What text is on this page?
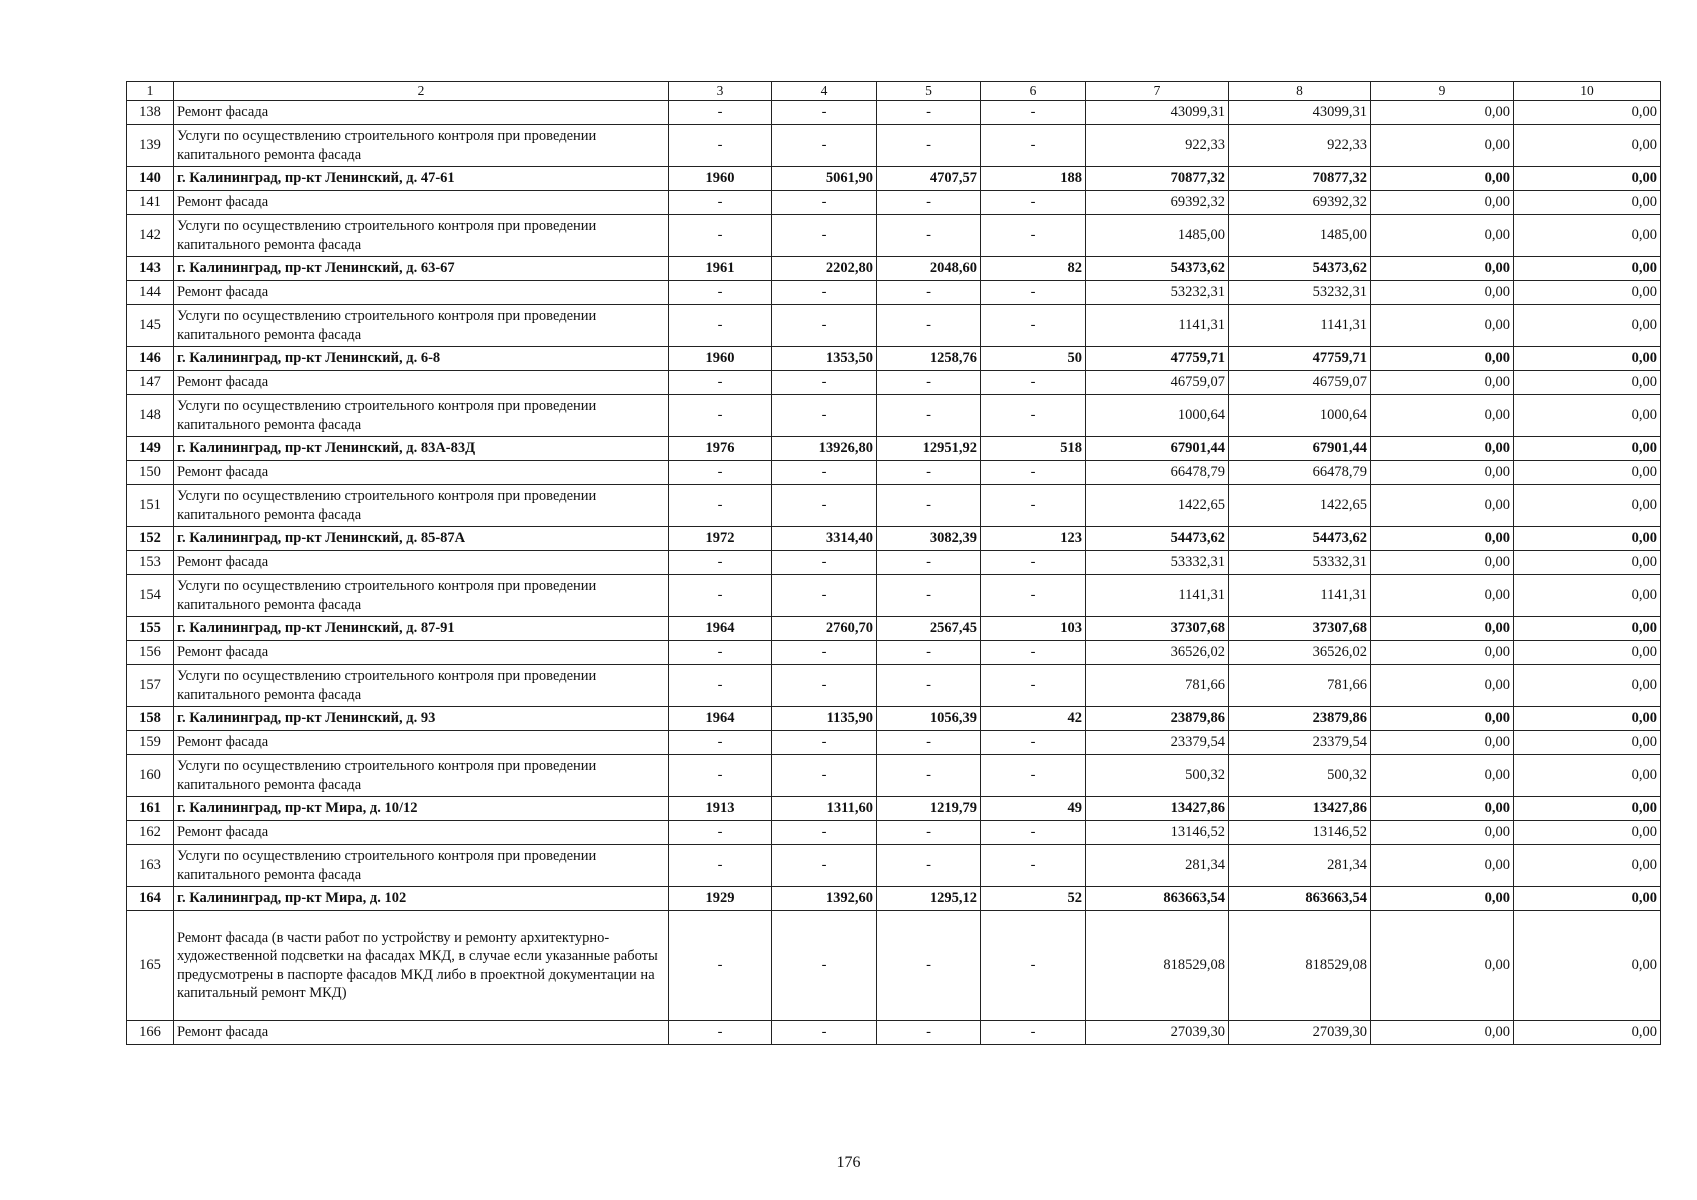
1	2	3	4	5	6	7	8	9	10
138	Ремонт фасада	-	-	-	-	43099,31	43099,31	0,00	0,00
139	Услуги по осуществлению строительного контроля при проведении капитального ремонта фасада	-	-	-	-	922,33	922,33	0,00	0,00
140	г. Калининград, пр-кт Ленинский, д. 47-61	1960	5061,90	4707,57	188	70877,32	70877,32	0,00	0,00
141	Ремонт фасада	-	-	-	-	69392,32	69392,32	0,00	0,00
142	Услуги по осуществлению строительного контроля при проведении капитального ремонта фасада	-	-	-	-	1485,00	1485,00	0,00	0,00
143	г. Калининград, пр-кт Ленинский, д. 63-67	1961	2202,80	2048,60	82	54373,62	54373,62	0,00	0,00
144	Ремонт фасада	-	-	-	-	53232,31	53232,31	0,00	0,00
145	Услуги по осуществлению строительного контроля при проведении капитального ремонта фасада	-	-	-	-	1141,31	1141,31	0,00	0,00
146	г. Калининград, пр-кт Ленинский, д. 6-8	1960	1353,50	1258,76	50	47759,71	47759,71	0,00	0,00
147	Ремонт фасада	-	-	-	-	46759,07	46759,07	0,00	0,00
148	Услуги по осуществлению строительного контроля при проведении капитального ремонта фасада	-	-	-	-	1000,64	1000,64	0,00	0,00
149	г. Калининград, пр-кт Ленинский, д. 83А-83Д	1976	13926,80	12951,92	518	67901,44	67901,44	0,00	0,00
150	Ремонт фасада	-	-	-	-	66478,79	66478,79	0,00	0,00
151	Услуги по осуществлению строительного контроля при проведении капитального ремонта фасада	-	-	-	-	1422,65	1422,65	0,00	0,00
152	г. Калининград, пр-кт Ленинский, д. 85-87А	1972	3314,40	3082,39	123	54473,62	54473,62	0,00	0,00
153	Ремонт фасада	-	-	-	-	53332,31	53332,31	0,00	0,00
154	Услуги по осуществлению строительного контроля при проведении капитального ремонта фасада	-	-	-	-	1141,31	1141,31	0,00	0,00
155	г. Калининград, пр-кт Ленинский, д. 87-91	1964	2760,70	2567,45	103	37307,68	37307,68	0,00	0,00
156	Ремонт фасада	-	-	-	-	36526,02	36526,02	0,00	0,00
157	Услуги по осуществлению строительного контроля при проведении капитального ремонта фасада	-	-	-	-	781,66	781,66	0,00	0,00
158	г. Калининград, пр-кт Ленинский, д. 93	1964	1135,90	1056,39	42	23879,86	23879,86	0,00	0,00
159	Ремонт фасада	-	-	-	-	23379,54	23379,54	0,00	0,00
160	Услуги по осуществлению строительного контроля при проведении капитального ремонта фасада	-	-	-	-	500,32	500,32	0,00	0,00
161	г. Калининград, пр-кт Мира, д. 10/12	1913	1311,60	1219,79	49	13427,86	13427,86	0,00	0,00
162	Ремонт фасада	-	-	-	-	13146,52	13146,52	0,00	0,00
163	Услуги по осуществлению строительного контроля при проведении капитального ремонта фасада	-	-	-	-	281,34	281,34	0,00	0,00
164	г. Калининград, пр-кт Мира, д. 102	1929	1392,60	1295,12	52	863663,54	863663,54	0,00	0,00
165	Ремонт фасада (в части работ по устройству и ремонту архитектурно-художественной подсветки на фасадах МКД, в случае если указанные работы предусмотрены в паспорте фасадов МКД либо в проектной документации на капитальный ремонт МКД)	-	-	-	-	818529,08	818529,08	0,00	0,00
166	Ремонт фасада	-	-	-	-	27039,30	27039,30	0,00	0,00
176
